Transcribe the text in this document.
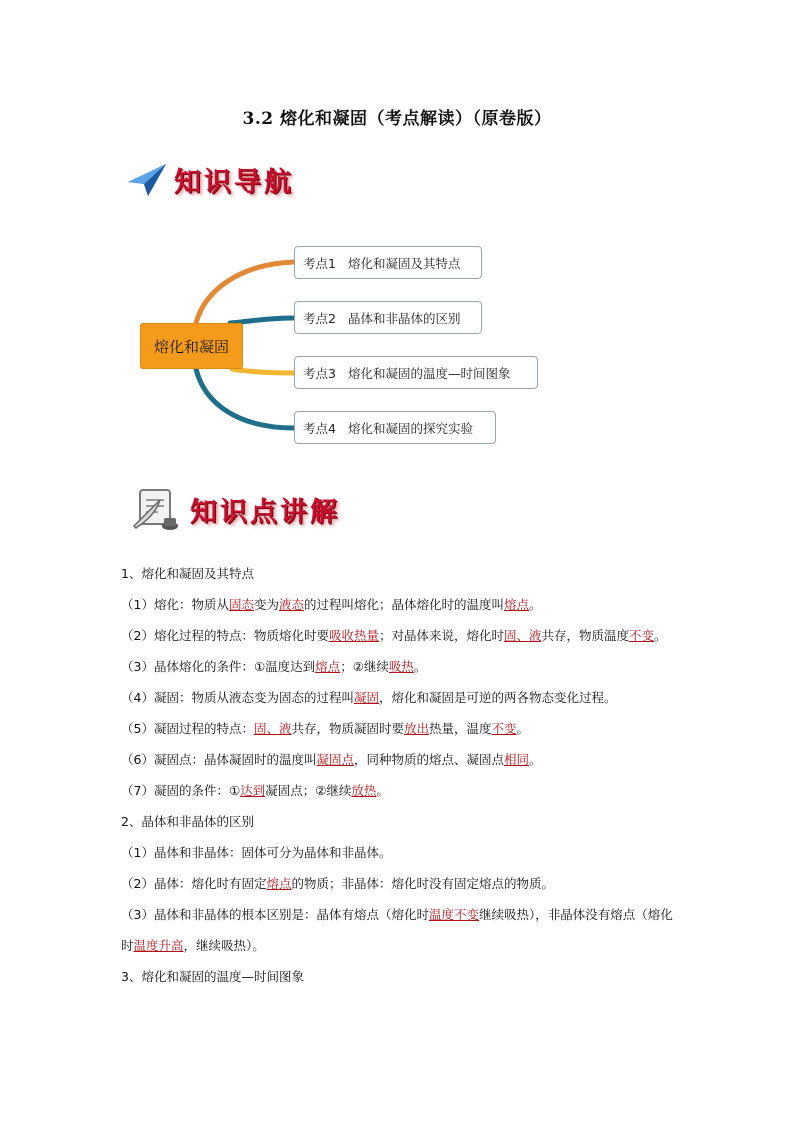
3.2 熔化和凝固（考点解读）（原卷版）
知识导航
熔化和凝固
考点1 熔化和凝固及其特点
考点2 晶体和非晶体的区别
考点3 熔化和凝固的温度—时间图象
考点4 熔化和凝固的探究实验
知识点讲解

1、熔化和凝固及其特点

（1）熔化：物质从固态变为液态的过程叫熔化；晶体熔化时的温度叫熔点。

（2）熔化过程的特点：物质熔化时要吸收热量；对晶体来说，熔化时固、液共存，物质温度不变。

（3）晶体熔化的条件：①温度达到熔点；②继续吸热。

（4）凝固：物质从液态变为固态的过程叫凝固，熔化和凝固是可逆的两各物态变化过程。

（5）凝固过程的特点：固、液共存，物质凝固时要放出热量，温度不变。

（6）凝固点：晶体凝固时的温度叫凝固点，同种物质的熔点、凝固点相同。

（7）凝固的条件：①达到凝固点；②继续放热。

2、晶体和非晶体的区别

（1）晶体和非晶体：固体可分为晶体和非晶体。

（2）晶体：熔化时有固定熔点的物质；非晶体：熔化时没有固定熔点的物质。

（3）晶体和非晶体的根本区别是：晶体有熔点（熔化时温度不变继续吸热），非晶体没有熔点（熔化时温度升高，继续吸热）。

3、熔化和凝固的温度—时间图象
